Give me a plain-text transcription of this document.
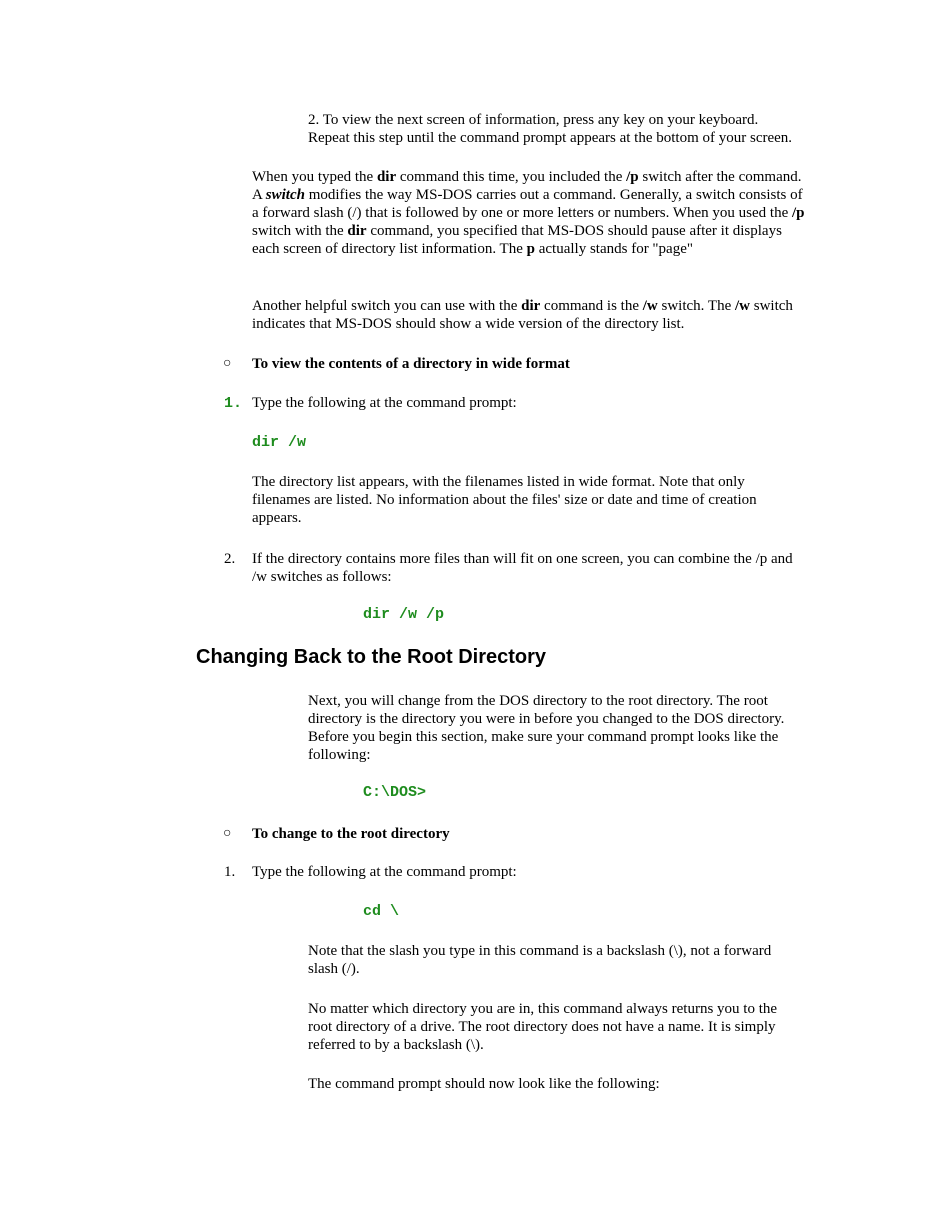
2. To view the next screen of information, press any key on your keyboard.
Repeat this step until the command prompt appears at the bottom of your screen.

When you typed the dir command this time, you included the /p switch after the command. A switch modifies the way MS-DOS carries out a command. Generally, a switch consists of a forward slash (/) that is followed by one or more letters or numbers. When you used the /p switch with the dir command, you specified that MS-DOS should pause after it displays each screen of directory list information. The p actually stands for "page"

Another helpful switch you can use with the dir command is the /w switch. The /w switch indicates that MS-DOS should show a wide version of the directory list.

○ To view the contents of a directory in wide format
1. Type the following at the command prompt:
dir /w

The directory list appears, with the filenames listed in wide format. Note that only filenames are listed. No information about the files' size or date and time of creation appears.

2. If the directory contains more files than will fit on one screen, you can combine the /p and /w switches as follows:
dir /w /p
Changing Back to the Root Directory

Next, you will change from the DOS directory to the root directory. The root directory is the directory you were in before you changed to the DOS directory. Before you begin this section, make sure your command prompt looks like the following:

C:\DOS>
○ To change to the root directory
1. Type the following at the command prompt:
cd \

Note that the slash you type in this command is a backslash (\), not a forward slash (/).

No matter which directory you are in, this command always returns you to the root directory of a drive. The root directory does not have a name. It is simply referred to by a backslash (\).

The command prompt should now look like the following:
